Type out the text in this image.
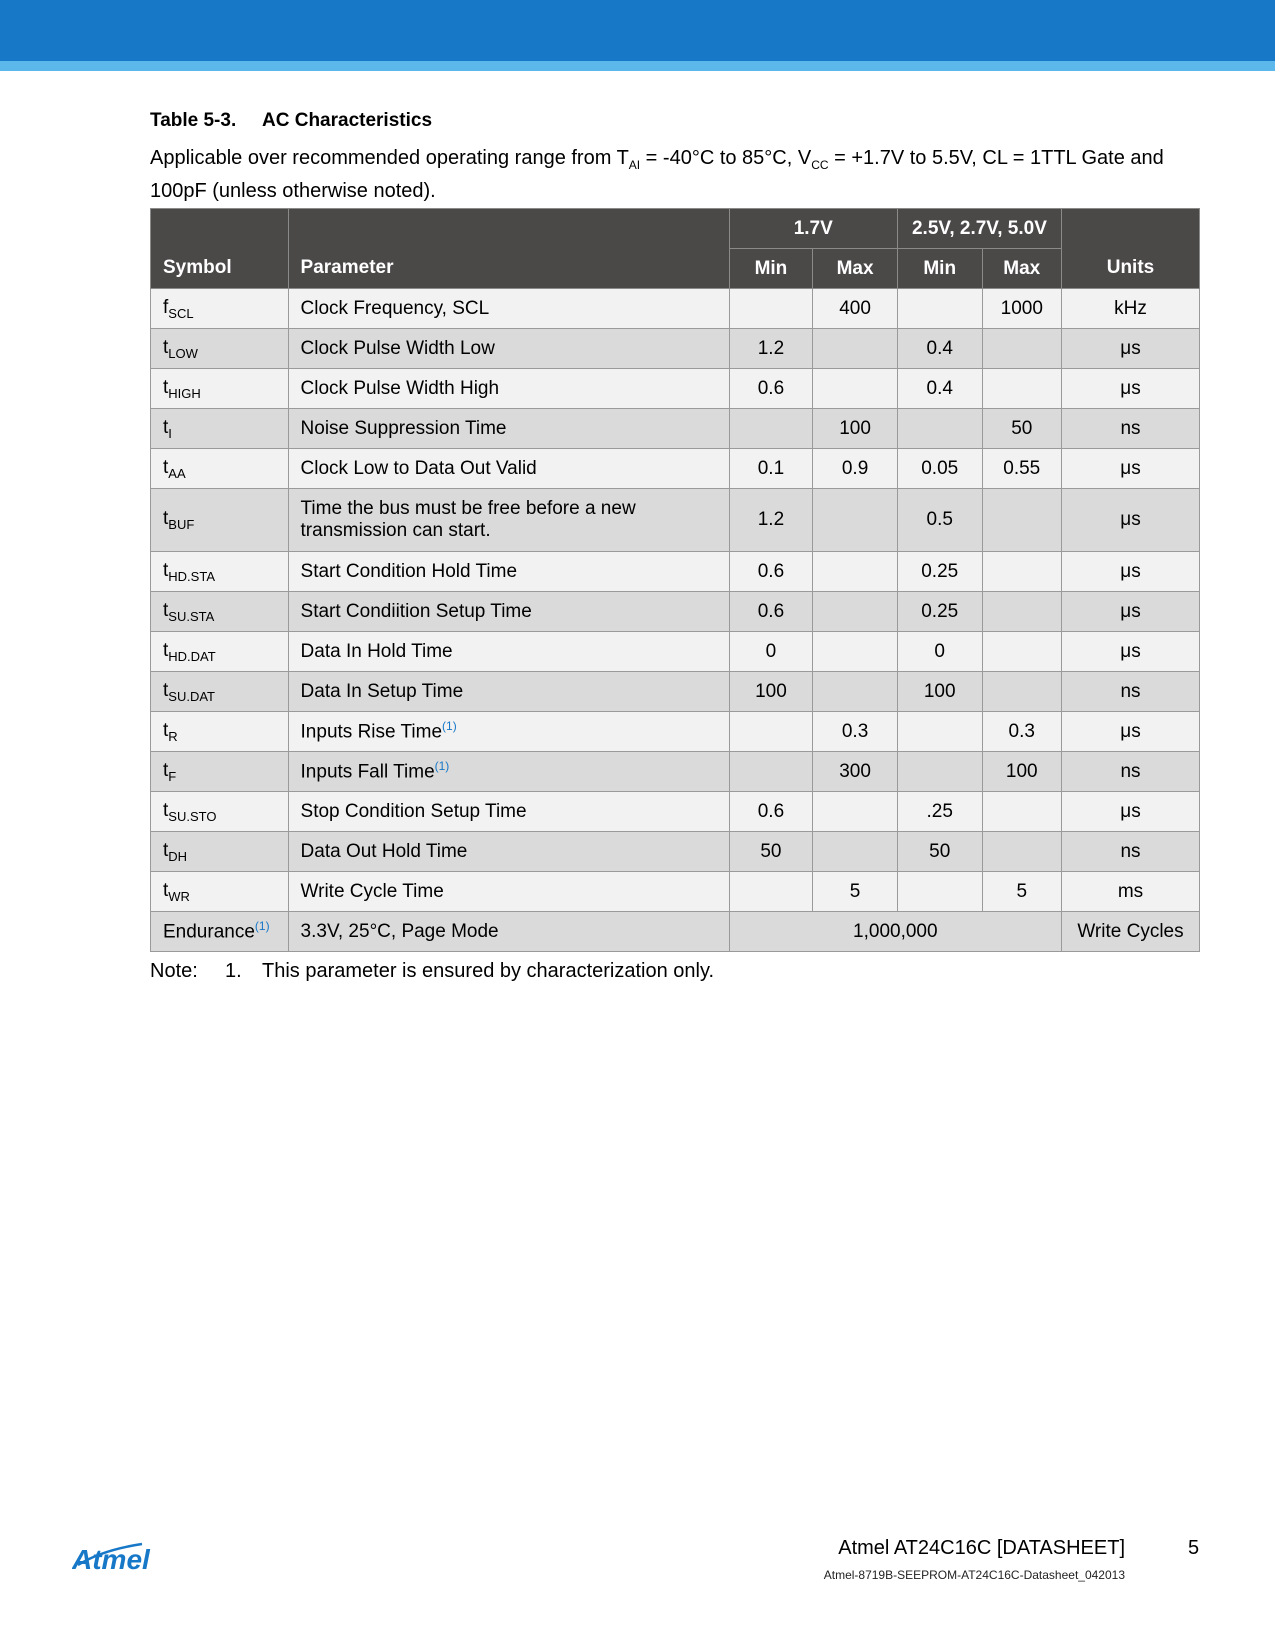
Table 5-3. AC Characteristics
Applicable over recommended operating range from $T_{AI} = -40^\circ C$ to 85°C, $V_{CC} = +1.7V$ to 5.5V, CL = 1TTL Gate and 100pF (unless otherwise noted).
Symbol	Parameter	1.7V		2.5V, 2.7V, 5.0V		Units
		Min	Max	Min	Max	
$f_{SCL}$	Clock Frequency, SCL		400		1000	kHz
$t_{LOW}$	Clock Pulse Width Low	1.2		0.4		μs
$t_{HIGH}$	Clock Pulse Width High	0.6		0.4		μs
$t_I$	Noise Suppression Time		100		50	ns
$t_{AA}$	Clock Low to Data Out Valid	0.1	0.9	0.05	0.55	μs
$t_{BUF}$	Time the bus must be free before a new
transmission can start.	1.2		0.5		μs
$t_{HD.STA}$	Start Condition Hold Time	0.6		0.25		μs
$t_{SU.STA}$	Start Condiition Setup Time	0.6		0.25		μs
$t_{HD.DAT}$	Data In Hold Time	0		0		μs
$t_{SU.DAT}$	Data In Setup Time	100		100		ns
$t_R$	Inputs Rise Time$^{(1)}$		0.3		0.3	μs
$t_F$	Inputs Fall Time$^{(1)}$		300		100	ns
$t_{SU.STO}$	Stop Condition Setup Time	0.6		.25		μs
$t_{DH}$	Data Out Hold Time	50		50		ns
$t_{WR}$	Write Cycle Time		5		5	ms
Endurance$^{(1)}$	3.3V, 25°C, Page Mode	1,000,000				Write Cycles
Note: 1. This parameter is ensured by characterization only.
Atmel	Atmel AT24C16C [DATASHEET]	5
Atmel-8719B-SEEPROM-AT24C16C-Datasheet_042013
